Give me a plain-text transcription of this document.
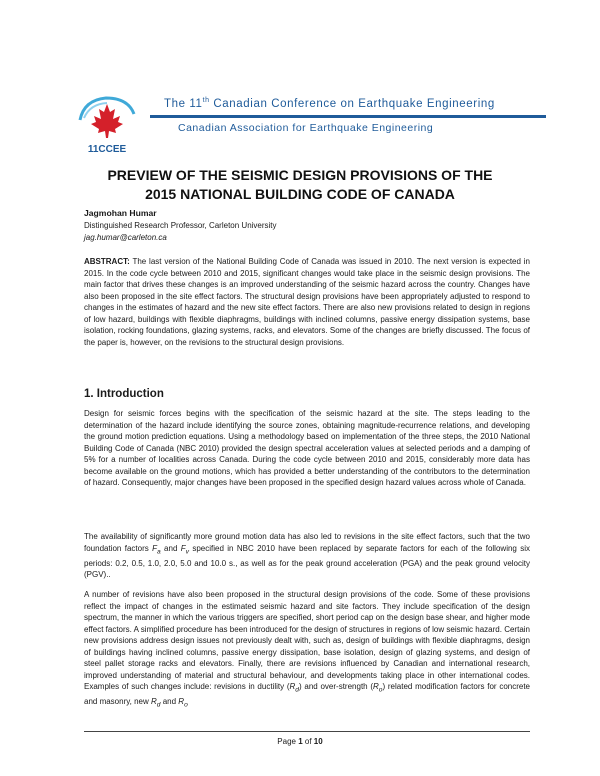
11CCEE
The 11th Canadian Conference on Earthquake Engineering
Canadian Association for Earthquake Engineering
PREVIEW OF THE SEISMIC DESIGN PROVISIONS OF THE
2015 NATIONAL BUILDING CODE OF CANADA
Jagmohan Humar
Distinguished Research Professor, Carleton University
jag.humar@carleton.ca
ABSTRACT: The last version of the National Building Code of Canada was issued in 2010. The next version is expected in 2015. In the code cycle between 2010 and 2015, significant changes would take place in the seismic design provisions. The main factor that drives these changes is an improved understanding of the seismic hazard across the country. Changes have also been proposed in the site effect factors. The structural design provisions have been appropriately adjusted to respond to changes in the estimates of hazard and the new site effect factors. There are also new provisions related to design in regions of low hazard, buildings with flexible diaphragms, buildings with inclined columns, passive energy dissipation systems, base isolation, rocking foundations, glazing systems, racks, and elevators. Some of the changes are briefly discussed. The focus of the paper is, however, on the revisions to the structural design provisions.
1. Introduction
Design for seismic forces begins with the specification of the seismic hazard at the site. The steps leading to the determination of the hazard include identifying the source zones, obtaining magnitude-recurrence relations, and developing the ground motion prediction equations. Using a methodology based on implementation of the three steps, the 2010 National Building Code of Canada (NBC 2010) provided the design spectral acceleration values at selected periods and a damping of 5% for a number of localities across Canada. During the code cycle between 2010 and 2015, considerably more data has become available on the ground motions, which has provided a better understanding of the contributors to the determination of hazard. Consequently, major changes have been proposed in the specified design hazard values across whole of Canada.
The availability of significantly more ground motion data has also led to revisions in the site effect factors, such that the two foundation factors $F_a$ and $F_v$ specified in NBC 2010 have been replaced by separate factors for each of the following six periods: 0.2, 0.5, 1.0, 2.0, 5.0 and 10.0 s., as well as for the peak ground acceleration (PGA) and the peak ground velocity (PGV)..
A number of revisions have also been proposed in the structural design provisions of the code. Some of these provisions reflect the impact of changes in the estimated seismic hazard and site factors. They include specification of the design spectrum, the manner in which the various triggers are specified, short period cap on the design base shear, and higher mode effect factors. A simplified procedure has been introduced for the design of structures in regions of low seismic hazard. Certain new provisions address design issues not previously dealt with, such as, design of buildings with flexible diaphragms, design of buildings having inclined columns, passive energy dissipation, base isolation, design of glazing systems, and design of steel pallet storage racks and elevators. Finally, there are revisions influenced by Canadian and international research, improved understanding of material and structural behaviour, and developments taking place in other international codes. Examples of such changes include: revisions in ductility $(R_d)$ and over-strength $(R_o)$ related modification factors for concrete and masonry, new $R_d$ and $R_o$
Page 1 of 10
